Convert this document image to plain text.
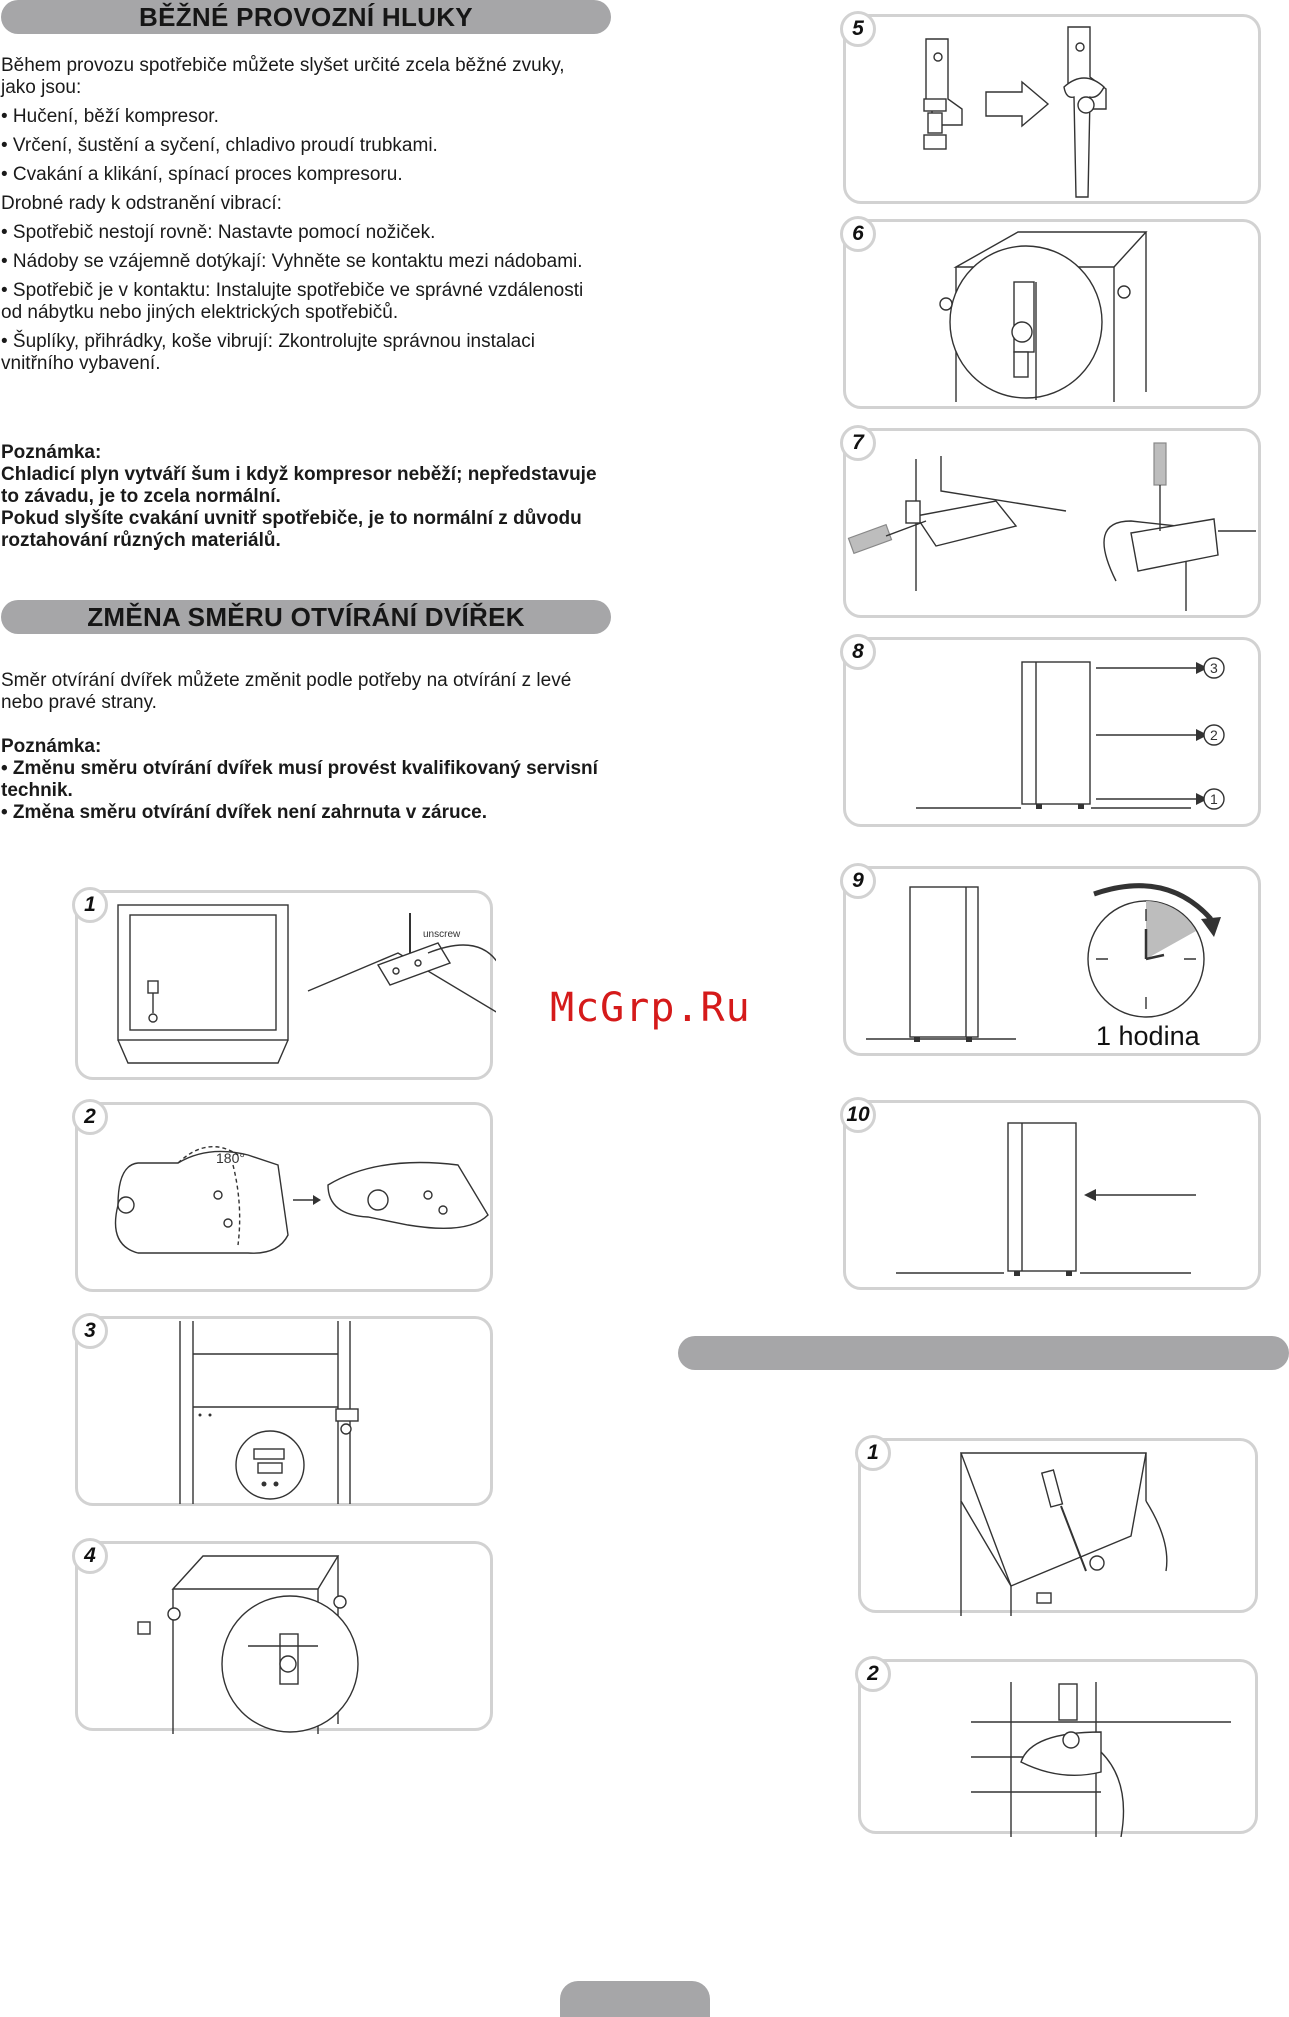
BĚŽNÉ PROVOZNÍ HLUKY

Během provozu spotřebiče můžete slyšet určité zcela běžné zvuky, jako jsou:

• Hučení, běží kompresor.

• Vrčení, šustění a syčení, chladivo proudí trubkami.

• Cvakání a klikání, spínací proces kompresoru.

Drobné rady k odstranění vibrací:

• Spotřebič nestojí rovně: Nastavte pomocí nožiček.

• Nádoby se vzájemně dotýkají: Vyhněte se kontaktu mezi nádobami.

• Spotřebič je v kontaktu: Instalujte spotřebiče ve správné vzdálenosti od nábytku nebo jiných elektrických spotřebičů.

• Šuplíky, přihrádky, koše vibrují: Zkontrolujte správnou instalaci vnitřního vybavení.

Poznámka:
Chladicí plyn vytváří šum i když kompresor neběží; nepředstavuje to závadu, je to zcela normální.
Pokud slyšíte cvakání uvnitř spotřebiče, je to normální z důvodu roztahování různých materiálů.
ZMĚNA SMĚRU OTVÍRÁNÍ DVÍŘEK

Směr otvírání dvířek můžete změnit podle potřeby na otvírání z levé nebo pravé strany.

Poznámka:
• Změnu směru otvírání dvířek musí provést kvalifikovaný servisní technik.
• Změna směru otvírání dvířek není zahrnuta v záruce.
McGrp.Ru
5
6
7
3
2
1
8
1 hodina
9
10
unscrew
1
180°
2
3
4
1
2
